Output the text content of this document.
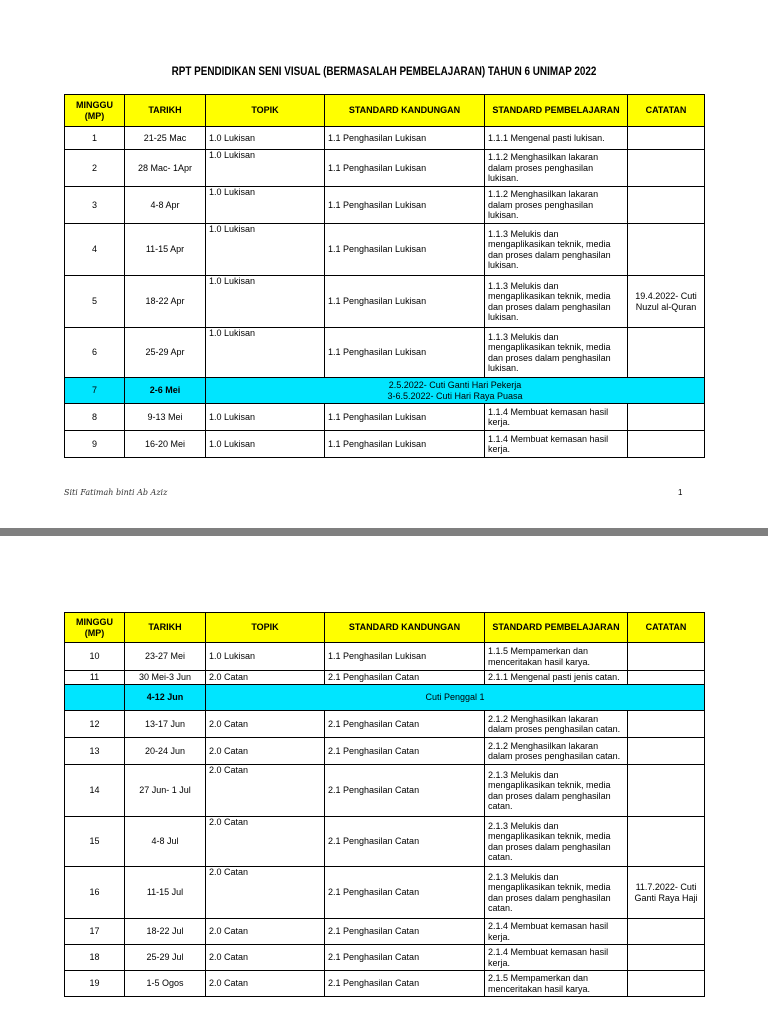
RPT PENDIDIKAN SENI VISUAL (BERMASALAH PEMBELAJARAN) TAHUN 6 UNIMAP 2022
MINGGU
(MP)	TARIKH	TOPIK	STANDARD KANDUNGAN	STANDARD PEMBELAJARAN	CATATAN
1	21-25 Mac	1.0 Lukisan	1.1 Penghasilan Lukisan	1.1.1 Mengenal pasti lukisan.	
2	28 Mac- 1Apr	1.0 Lukisan	1.1 Penghasilan Lukisan	1.1.2 Menghasilkan lakaran dalam proses penghasilan lukisan.	
3	4-8 Apr	1.0 Lukisan	1.1 Penghasilan Lukisan	1.1.2 Menghasilkan lakaran dalam proses penghasilan lukisan.	
4	11-15 Apr	1.0 Lukisan	1.1 Penghasilan Lukisan	1.1.3 Melukis dan mengaplikasikan teknik, media dan proses dalam penghasilan lukisan.	
5	18-22 Apr	1.0 Lukisan	1.1 Penghasilan Lukisan	1.1.3 Melukis dan mengaplikasikan teknik, media dan proses dalam penghasilan lukisan.	19.4.2022- Cuti Nuzul al-Quran
6	25-29 Apr	1.0 Lukisan	1.1 Penghasilan Lukisan	1.1.3 Melukis dan mengaplikasikan teknik, media dan proses dalam penghasilan lukisan.	
7	2-6 Mei	2.5.2022- Cuti Ganti Hari Pekerja
3-6.5.2022- Cuti Hari Raya Puasa			

8	9-13 Mei	1.0 Lukisan	1.1 Penghasilan Lukisan	1.1.4 Membuat kemasan hasil kerja.	
9	16-20 Mei	1.0 Lukisan	1.1 Penghasilan Lukisan	1.1.4 Membuat kemasan hasil kerja.	
Siti Fatimah binti Ab Aziz	1
MINGGU
(MP)	TARIKH	TOPIK	STANDARD KANDUNGAN	STANDARD PEMBELAJARAN	CATATAN
10	23-27 Mei	1.0 Lukisan	1.1 Penghasilan Lukisan	1.1.5 Mempamerkan dan menceritakan hasil karya.	
11	30 Mei-3 Jun	2.0 Catan	2.1 Penghasilan Catan	2.1.1 Mengenal pasti jenis catan.	
	4-12 Jun	Cuti Penggal 1			
12	13-17 Jun	2.0 Catan	2.1 Penghasilan Catan	2.1.2 Menghasilkan lakaran dalam proses penghasilan catan.	
13	20-24 Jun	2.0 Catan	2.1 Penghasilan Catan	2.1.2 Menghasilkan lakaran dalam proses penghasilan catan.	
14	27 Jun- 1 Jul	2.0 Catan	2.1 Penghasilan Catan	2.1.3 Melukis dan mengaplikasikan teknik, media dan proses dalam penghasilan catan.	
15	4-8 Jul	2.0 Catan	2.1 Penghasilan Catan	2.1.3 Melukis dan mengaplikasikan teknik, media dan proses dalam penghasilan catan.	
16	11-15 Jul	2.0 Catan	2.1 Penghasilan Catan	2.1.3 Melukis dan mengaplikasikan teknik, media dan proses dalam penghasilan catan.	11.7.2022- Cuti Ganti Raya Haji
17	18-22 Jul	2.0 Catan	2.1 Penghasilan Catan	2.1.4 Membuat kemasan hasil kerja.	
18	25-29 Jul	2.0 Catan	2.1 Penghasilan Catan	2.1.4 Membuat kemasan hasil kerja.	
19	1-5 Ogos	2.0 Catan	2.1 Penghasilan Catan	2.1.5 Mempamerkan dan menceritakan hasil karya.	
